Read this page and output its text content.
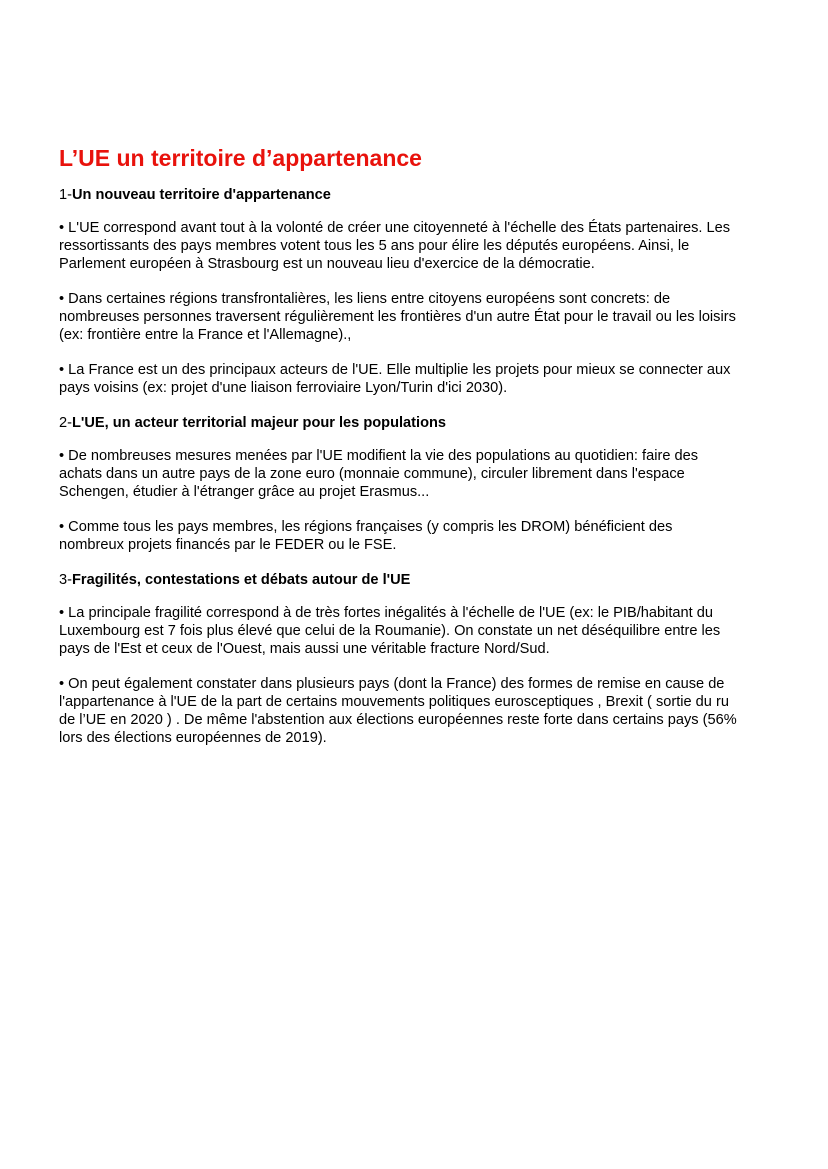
L’UE un territoire d’appartenance

1-Un nouveau territoire d'appartenance

• L'UE correspond avant tout à la volonté de créer une citoyenneté à l'échelle des États partenaires. Les ressortissants des pays membres votent tous les 5 ans pour élire les députés européens. Ainsi, le Parlement européen à Strasbourg est un nouveau lieu d'exercice de la démocratie.

• Dans certaines régions transfrontalières, les liens entre citoyens européens sont concrets: de nombreuses personnes traversent régulièrement les frontières d'un autre État pour le travail ou les loisirs (ex: frontière entre la France et l'Allemagne).,

• La France est un des principaux acteurs de l'UE. Elle multiplie les projets pour mieux se connecter aux pays voisins (ex: projet d'une liaison ferroviaire Lyon/Turin d'ici 2030).

2-L'UE, un acteur territorial majeur pour les populations

• De nombreuses mesures menées par l'UE modifient la vie des populations au quotidien: faire des achats dans un autre pays de la zone euro (monnaie commune), circuler librement dans l'espace Schengen, étudier à l'étranger grâce au projet Erasmus...

• Comme tous les pays membres, les régions françaises (y compris les DROM) bénéficient des nombreux projets financés par le FEDER ou le FSE.

3-Fragilités, contestations et débats autour de l'UE

• La principale fragilité correspond à de très fortes inégalités à l'échelle de l'UE (ex: le PIB/habitant du Luxembourg est 7 fois plus élevé que celui de la Roumanie). On constate un net déséquilibre entre les pays de l'Est et ceux de l'Ouest, mais aussi une véritable fracture Nord/Sud.

• On peut également constater dans plusieurs pays (dont la France) des formes de remise en cause de l'appartenance à l'UE de la part de certains mouvements politiques eurosceptiques , Brexit ( sortie du ru de l’UE en 2020 ) . De même l'abstention aux élections européennes reste forte dans certains pays (56% lors des élections européennes de 2019).
